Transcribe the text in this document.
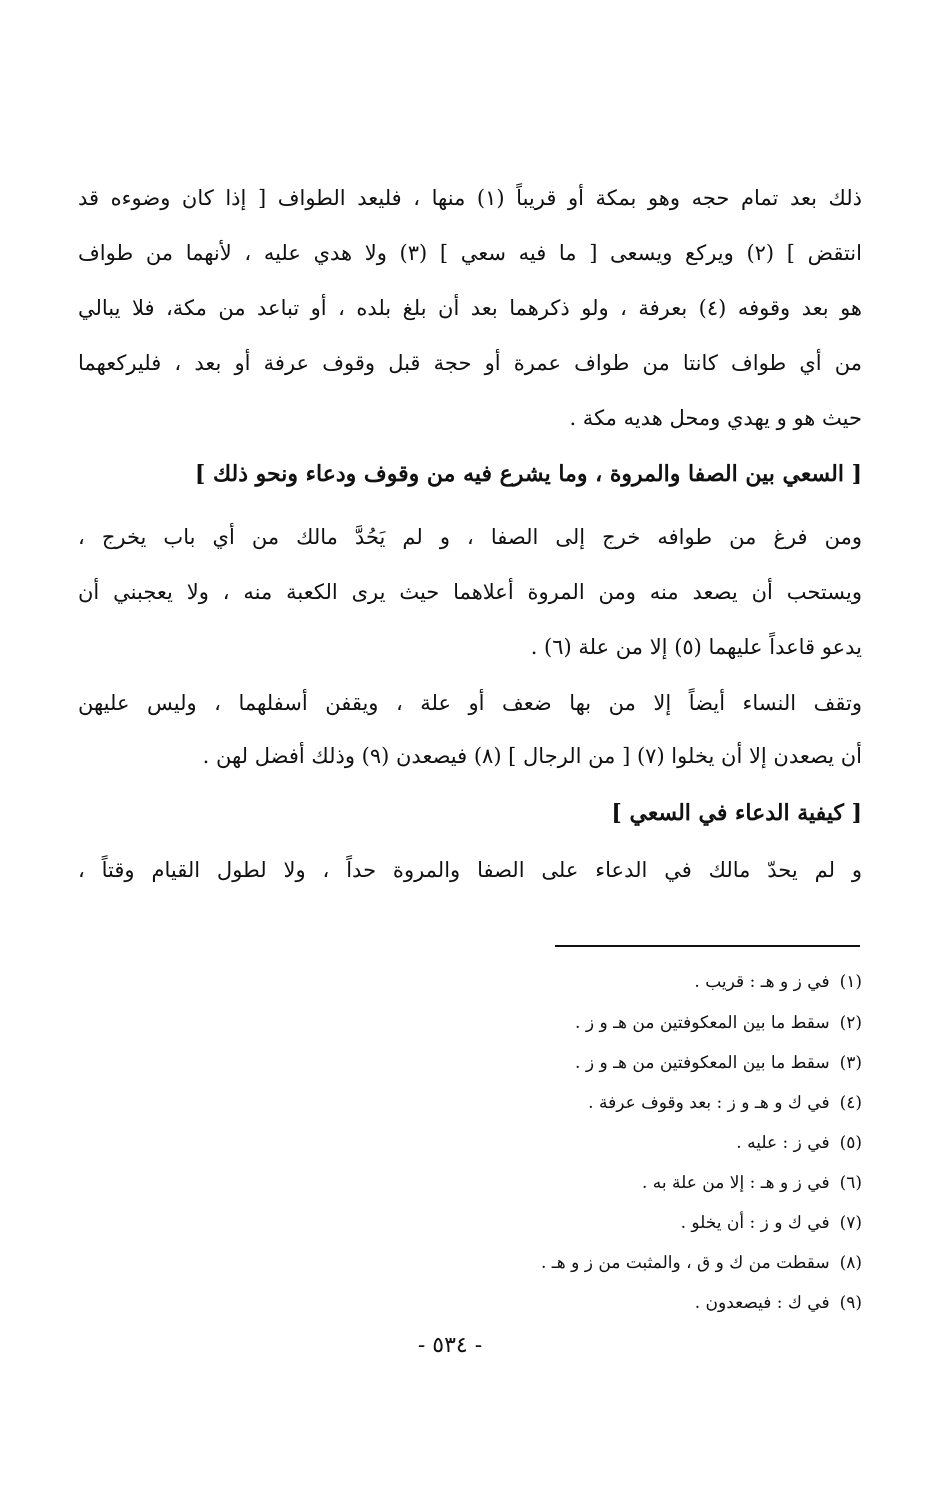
ذلك بعد تمام حجه وهو بمكة أو قريباً (١) منها ، فليعد الطواف [ إذا كان وضوءه قد
انتقض ] (٢) ويركع ويسعى [ ما فيه سعي ] (٣) ولا هدي عليه ، لأنهما من طواف
هو بعد وقوفه (٤) بعرفة ، ولو ذكرهما بعد أن بلغ بلده ، أو تباعد من مكة، فلا يبالي
من أي طواف كانتا من طواف عمرة أو حجة قبل وقوف عرفة أو بعد ، فليركعهما
حيث هو و يهدي ومحل هديه مكة .
[ السعي بين الصفا والمروة ، وما يشرع فيه من وقوف ودعاء ونحو ذلك ]
ومن فرغ من طوافه خرج إلى الصفا ، و لم يَحُدَّ مالك من أي باب يخرج ،
ويستحب أن يصعد منه ومن المروة أعلاهما حيث يرى الكعبة منه ، ولا يعجبني أن
يدعو قاعداً عليهما (٥) إلا من علة (٦) .
وتقف النساء أيضاً إلا من بها ضعف أو علة ، ويقفن أسفلهما ، وليس عليهن
أن يصعدن إلا أن يخلوا (٧) [ من الرجال ] (٨) فيصعدن (٩) وذلك أفضل لهن .
[ كيفية الدعاء في السعي ]
و لم يحدّ مالك في الدعاء على الصفا والمروة حداً ، ولا لطول القيام وقتاً ،
(١)في ز و هـ : قريب .
(٢)سقط ما بين المعكوفتين من هـ و ز .
(٣)سقط ما بين المعكوفتين من هـ و ز .
(٤)في ك و هـ و ز : بعد وقوف عرفة .
(٥)في ز : عليه .
(٦)في ز و هـ : إلا من علة به .
(٧)في ك و ز : أن يخلو .
(٨)سقطت من ك و ق ، والمثبت من ز و هـ .
(٩)في ك : فيصعدون .
- ٥٣٤ -
